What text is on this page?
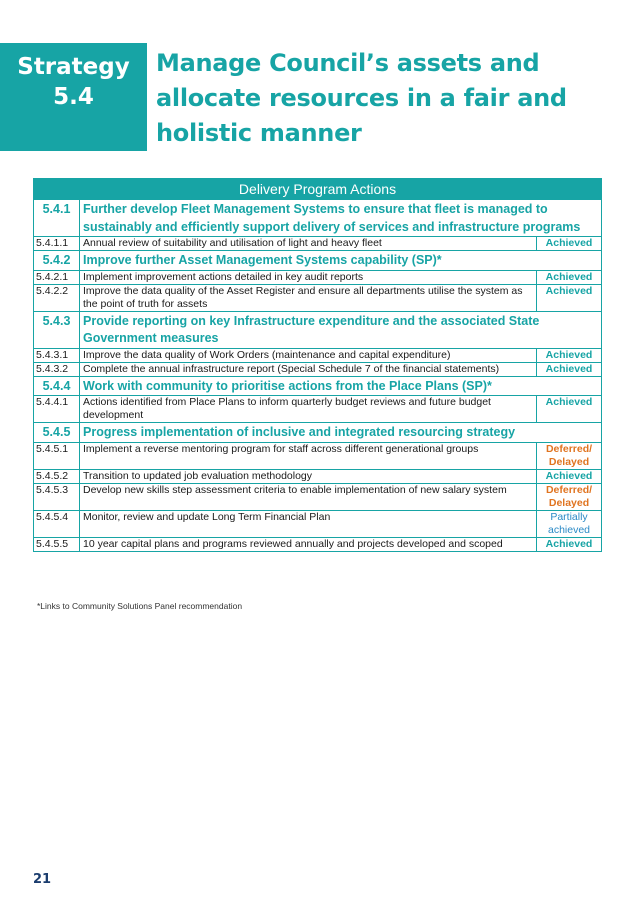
Strategy
5.4
Manage Council’s assets and allocate resources in a fair and holistic manner
Delivery Program Actions		
5.4.1	Further develop Fleet Management Systems to ensure that fleet is managed to sustainably and efficiently support delivery of services and infrastructure programs	
5.4.1.1	Annual review of suitability and utilisation of light and heavy fleet	Achieved
5.4.2	Improve further Asset Management Systems capability (SP)*	
5.4.2.1	Implement improvement actions detailed in key audit reports	Achieved
5.4.2.2	Improve the data quality of the Asset Register and ensure all departments utilise the system as the point of truth for assets	Achieved
5.4.3	Provide reporting on key Infrastructure expenditure and the associated State Government measures	
5.4.3.1	Improve the data quality of Work Orders (maintenance and capital expenditure)	Achieved
5.4.3.2	Complete the annual infrastructure report (Special Schedule 7 of the financial statements)	Achieved
5.4.4	Work with community to prioritise actions from the Place Plans (SP)*	
5.4.4.1	Actions identified from Place Plans to inform quarterly budget reviews and future budget development	Achieved
5.4.5	Progress implementation of inclusive and integrated resourcing strategy	
5.4.5.1	Implement a reverse mentoring program for staff across different generational groups	Deferred/ Delayed
5.4.5.2	Transition to updated job evaluation methodology	Achieved
5.4.5.3	Develop new skills step assessment criteria to enable implementation of new salary system	Deferred/ Delayed
5.4.5.4	Monitor, review and update Long Term Financial Plan	Partially achieved
5.4.5.5	10 year capital plans and programs reviewed annually and projects developed and scoped	Achieved
*Links to Community Solutions Panel recommendation
21
